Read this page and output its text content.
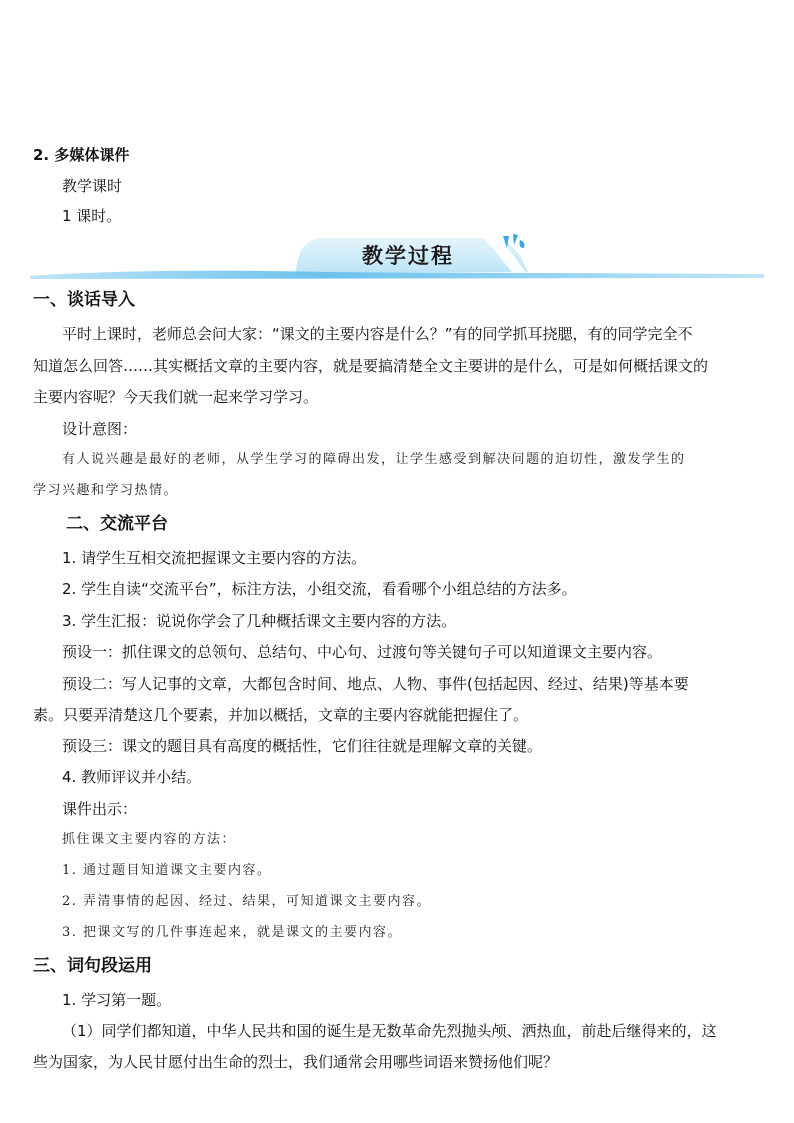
2. 多媒体课件
教学课时
1 课时。
教学过程
一、谈话导入
平时上课时，老师总会问大家：“课文的主要内容是什么？”有的同学抓耳挠腮，有的同学完全不
知道怎么回答……其实概括文章的主要内容，就是要搞清楚全文主要讲的是什么，可是如何概括课文的
主要内容呢？今天我们就一起来学习学习。
设计意图：
有人说兴趣是最好的老师，从学生学习的障碍出发，让学生感受到解决问题的迫切性，激发学生的
学习兴趣和学习热情。
二、交流平台
1. 请学生互相交流把握课文主要内容的方法。
2. 学生自读“交流平台”，标注方法，小组交流，看看哪个小组总结的方法多。
3. 学生汇报：说说你学会了几种概括课文主要内容的方法。
预设一：抓住课文的总领句、总结句、中心句、过渡句等关键句子可以知道课文主要内容。
预设二：写人记事的文章，大都包含时间、地点、人物、事件(包括起因、经过、结果)等基本要
素。只要弄清楚这几个要素，并加以概括，文章的主要内容就能把握住了。
预设三：课文的题目具有高度的概括性，它们往往就是理解文章的关键。
4. 教师评议并小结。
课件出示：
抓住课文主要内容的方法：
1. 通过题目知道课文主要内容。
2. 弄清事情的起因、经过、结果，可知道课文主要内容。
3. 把课文写的几件事连起来，就是课文的主要内容。
三、词句段运用
1. 学习第一题。
（1）同学们都知道，中华人民共和国的诞生是无数革命先烈抛头颅、洒热血，前赴后继得来的，这
些为国家，为人民甘愿付出生命的烈士，我们通常会用哪些词语来赞扬他们呢？
